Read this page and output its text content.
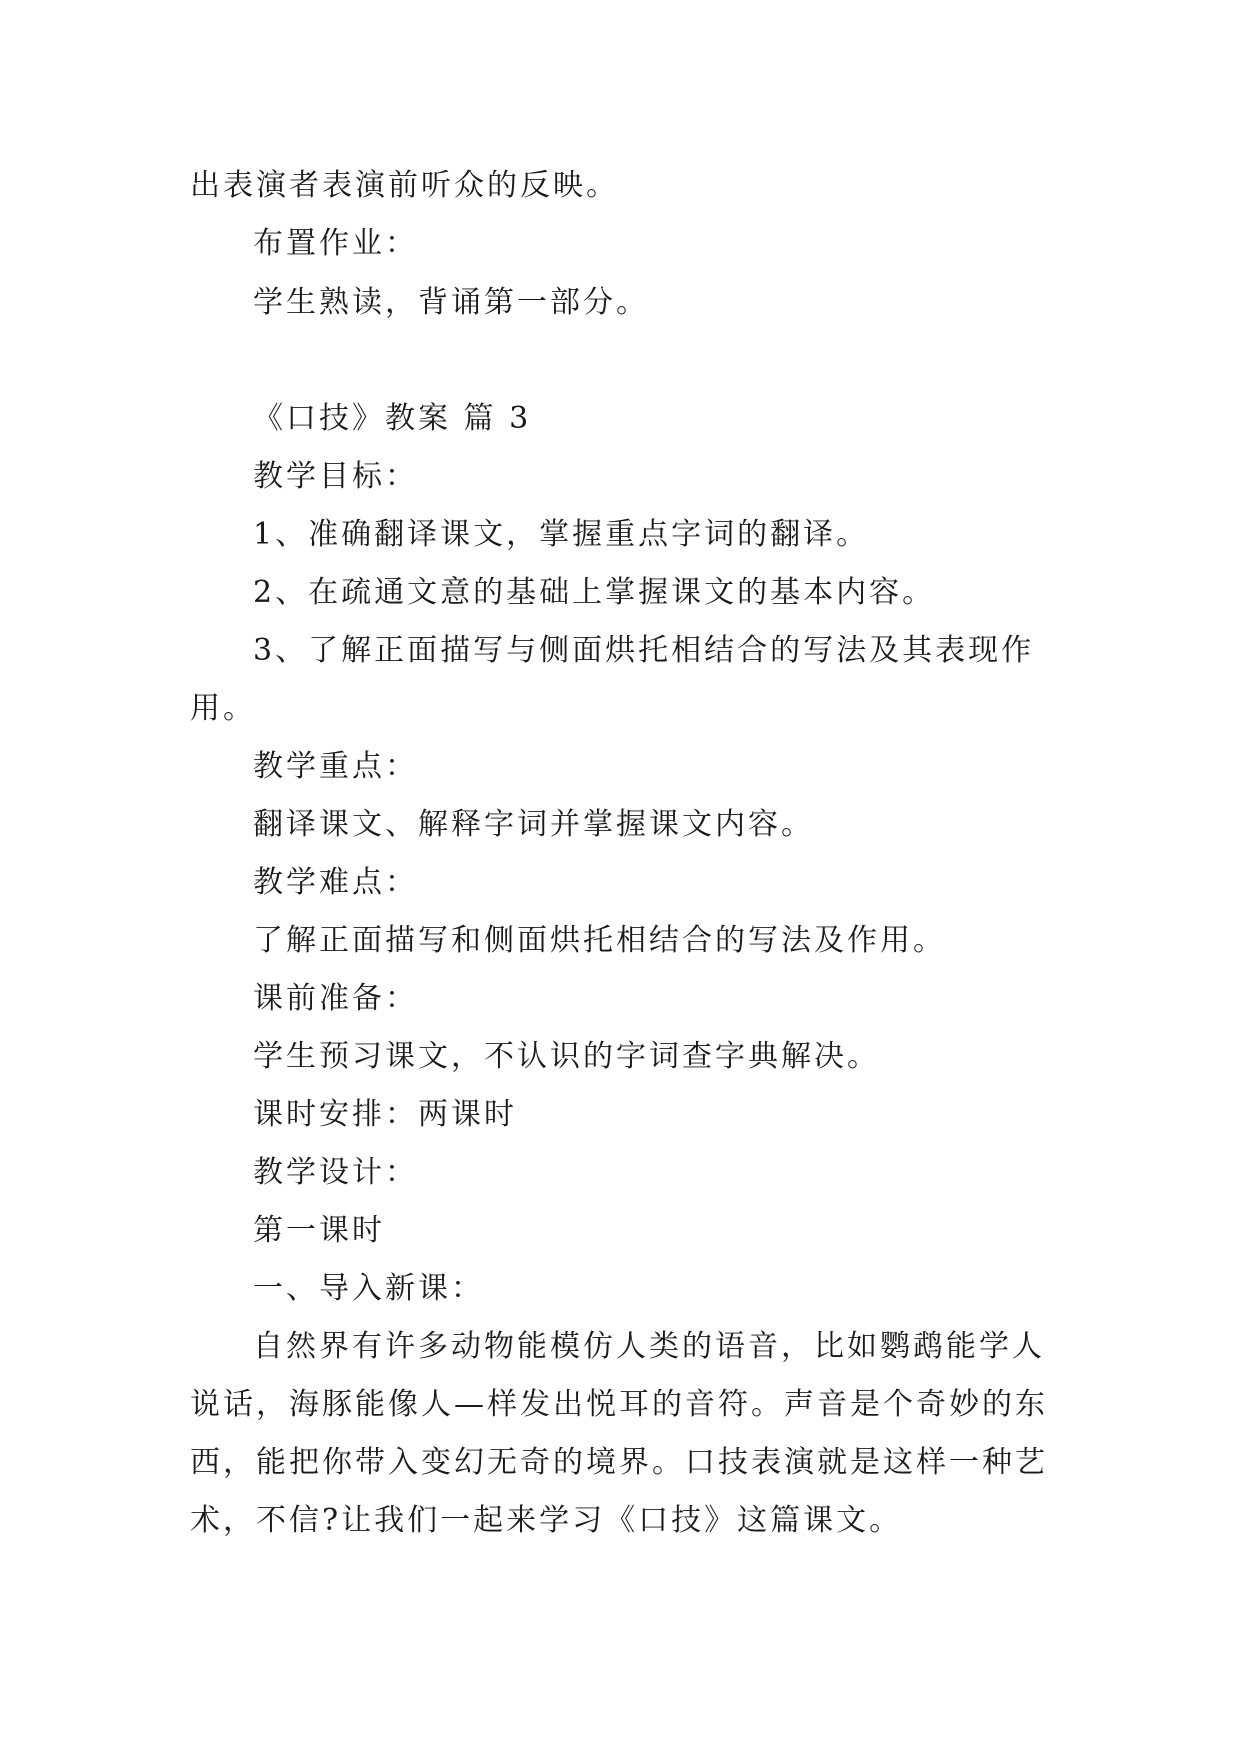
出表演者表演前听众的反映。
布置作业：
学生熟读，背诵第一部分。
《口技》教案 篇 3
教学目标：
1、准确翻译课文，掌握重点字词的翻译。
2、在疏通文意的基础上掌握课文的基本内容。
3、了解正面描写与侧面烘托相结合的写法及其表现作
用。
教学重点：
翻译课文、解释字词并掌握课文内容。
教学难点：
了解正面描写和侧面烘托相结合的写法及作用。
课前准备：
学生预习课文，不认识的字词查字典解决。
课时安排：两课时
教学设计：
第一课时
一、导入新课：
自然界有许多动物能模仿人类的语音，比如鹦鹉能学人
说话，海豚能像人—样发出悦耳的音符。声音是个奇妙的东
西，能把你带入变幻无奇的境界。口技表演就是这样一种艺
术，不信?让我们一起来学习《口技》这篇课文。
